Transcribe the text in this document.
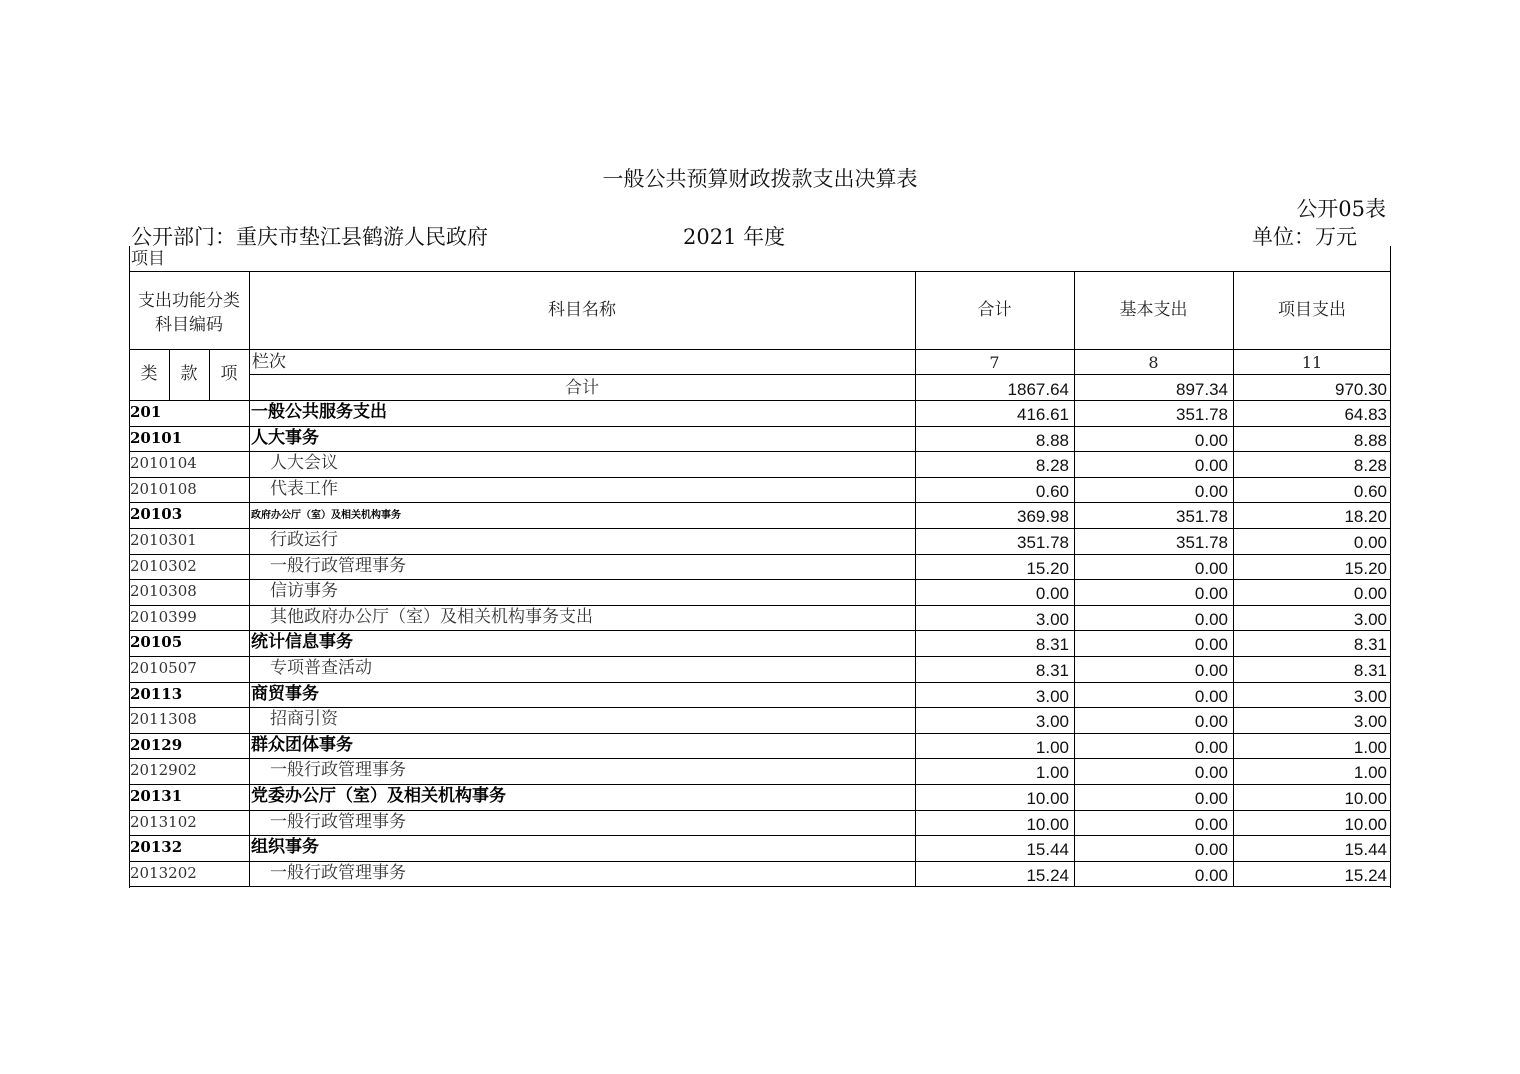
一般公共预算财政拨款支出决算表
公开05表
公开部门：重庆市垫江县鹤游人民政府	2021 年度	单位：万元
项目
支出功能分类
科目编码
科目名称	合计	基本支出	项目支出
类	款	项
栏次	7	8	11
合计	1867.64	897.34	970.30
201	一般公共服务支出	416.61	351.78	64.83
20101	人大事务	8.88	0.00	8.88
2010104	人大会议	8.28	0.00	8.28
2010108	代表工作	0.60	0.00	0.60
20103	政府办公厅（室）及相关机构事务	369.98	351.78	18.20
2010301	行政运行	351.78	351.78	0.00
2010302	一般行政管理事务	15.20	0.00	15.20
2010308	信访事务	0.00	0.00	0.00
2010399	其他政府办公厅（室）及相关机构事务支出	3.00	0.00	3.00
20105	统计信息事务	8.31	0.00	8.31
2010507	专项普查活动	8.31	0.00	8.31
20113	商贸事务	3.00	0.00	3.00
2011308	招商引资	3.00	0.00	3.00
20129	群众团体事务	1.00	0.00	1.00
2012902	一般行政管理事务	1.00	0.00	1.00
20131	党委办公厅（室）及相关机构事务	10.00	0.00	10.00
2013102	一般行政管理事务	10.00	0.00	10.00
20132	组织事务	15.44	0.00	15.44
2013202	一般行政管理事务	15.24	0.00	15.24
